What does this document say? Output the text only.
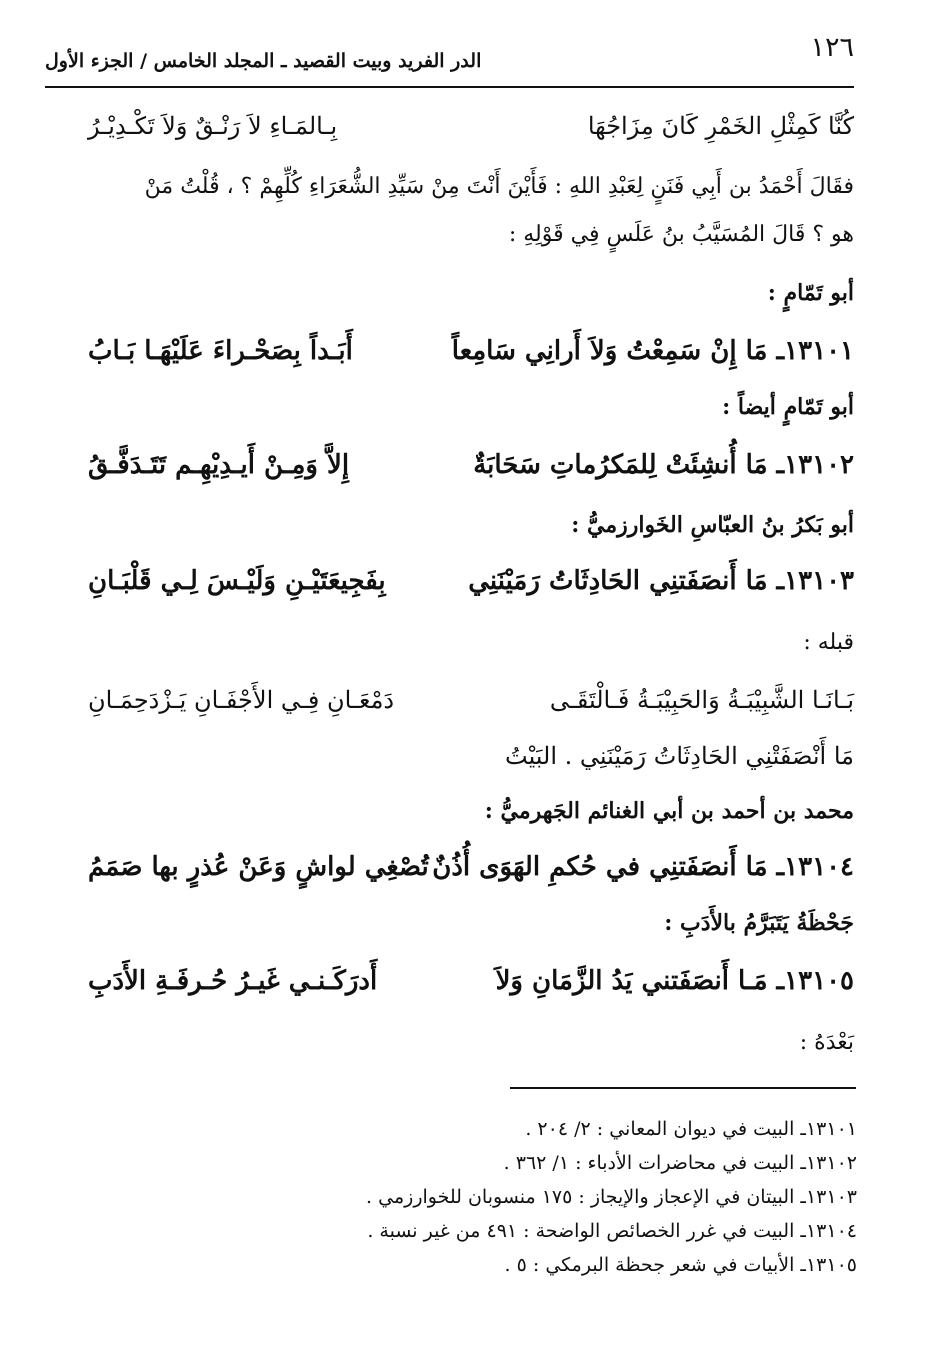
١٢٦
الدر الفريد وبيت القصيد ـ المجلد الخامس / الجزء الأول
كُنَّا كَمِثْلِ الخَمْرِ كَانَ مِزَاجُهَا
بِـالمَـاءِ لاَ رَنْـقٌ وَلاَ تَكْـدِيْـرُ
فقَالَ أَحْمَدُ بن أَبِي فَنَنٍ لِعَبْدِ اللهِ : فَأَيْنَ أَنْتَ مِنْ سَيِّدِ الشُّعَرَاءِ كُلِّهِمْ ؟ ، قُلْتُ مَنْ
هو ؟ قَالَ المُسَيَّبُ بنُ عَلَسٍ فِي قَوْلِهِ :
أبو تَمّامٍ :
١٣١٠١ـ مَا إِنْ سَمِعْتُ وَلاَ أَرانِي سَامِعاً
أَبَـداً بِصَحْـراءَ عَلَيْهَـا بَـابُ
أبو تَمّامٍ أيضاً :
١٣١٠٢ـ مَا أُنشِئَتْ لِلمَكرُماتِ سَحَابَةٌ
إِلاَّ وَمِـنْ أَيـدِيْهِـم تَتَـدَفَّـقُ
أبو بَكرُ بنُ العبّاسِ الخَوارزميُّ :
١٣١٠٣ـ مَا أَنصَفَتنِي الحَادِثَاتُ رَمَيْنَنِي
بِفَجِيعَتَيْـنِ وَلَيْـسَ لِـي قَلْبَـانِ
قبله :
بَـانَـا الشَّبِيْبَـةُ وَالحَبِيْبَـةُ فَـالْتَقَـى
دَمْعَـانِ فِـي الأَجْفَـانِ يَـزْدَحِمَـانِ
مَا أَنْصَفَتْنِي الحَادِثَاتُ رَمَيْنَنِي . البَيْتُ
محمد بن أحمد بن أبي الغنائم الجَهرميُّ :
١٣١٠٤ـ مَا أَنصَفَتنِي في حُكمِ الهَوَى أُذُنٌ
تُصْغِي لواشٍ وَعَنْ عُذرٍ بها صَمَمُ
جَحْظَةُ يَتَبَرَّمُ بالأَدَبِ :
١٣١٠٥ـ مَـا أَنصَفَتني يَدُ الزَّمَانِ وَلاَ
أَدرَكَـنـي غَيـرُ حُـرفَـةِ الأَدَبِ
بَعْدَهُ :
١٣١٠١ـ البيت في ديوان المعاني : ٢/ ٢٠٤ .
١٣١٠٢ـ البيت في محاضرات الأدباء : ١/ ٣٦٢ .
١٣١٠٣ـ البيتان في الإعجاز والإيجاز : ١٧٥ منسوبان للخوارزمي .
١٣١٠٤ـ البيت في غرر الخصائص الواضحة : ٤٩١ من غير نسبة .
١٣١٠٥ـ الأبيات في شعر جحظة البرمكي : ٥ .
